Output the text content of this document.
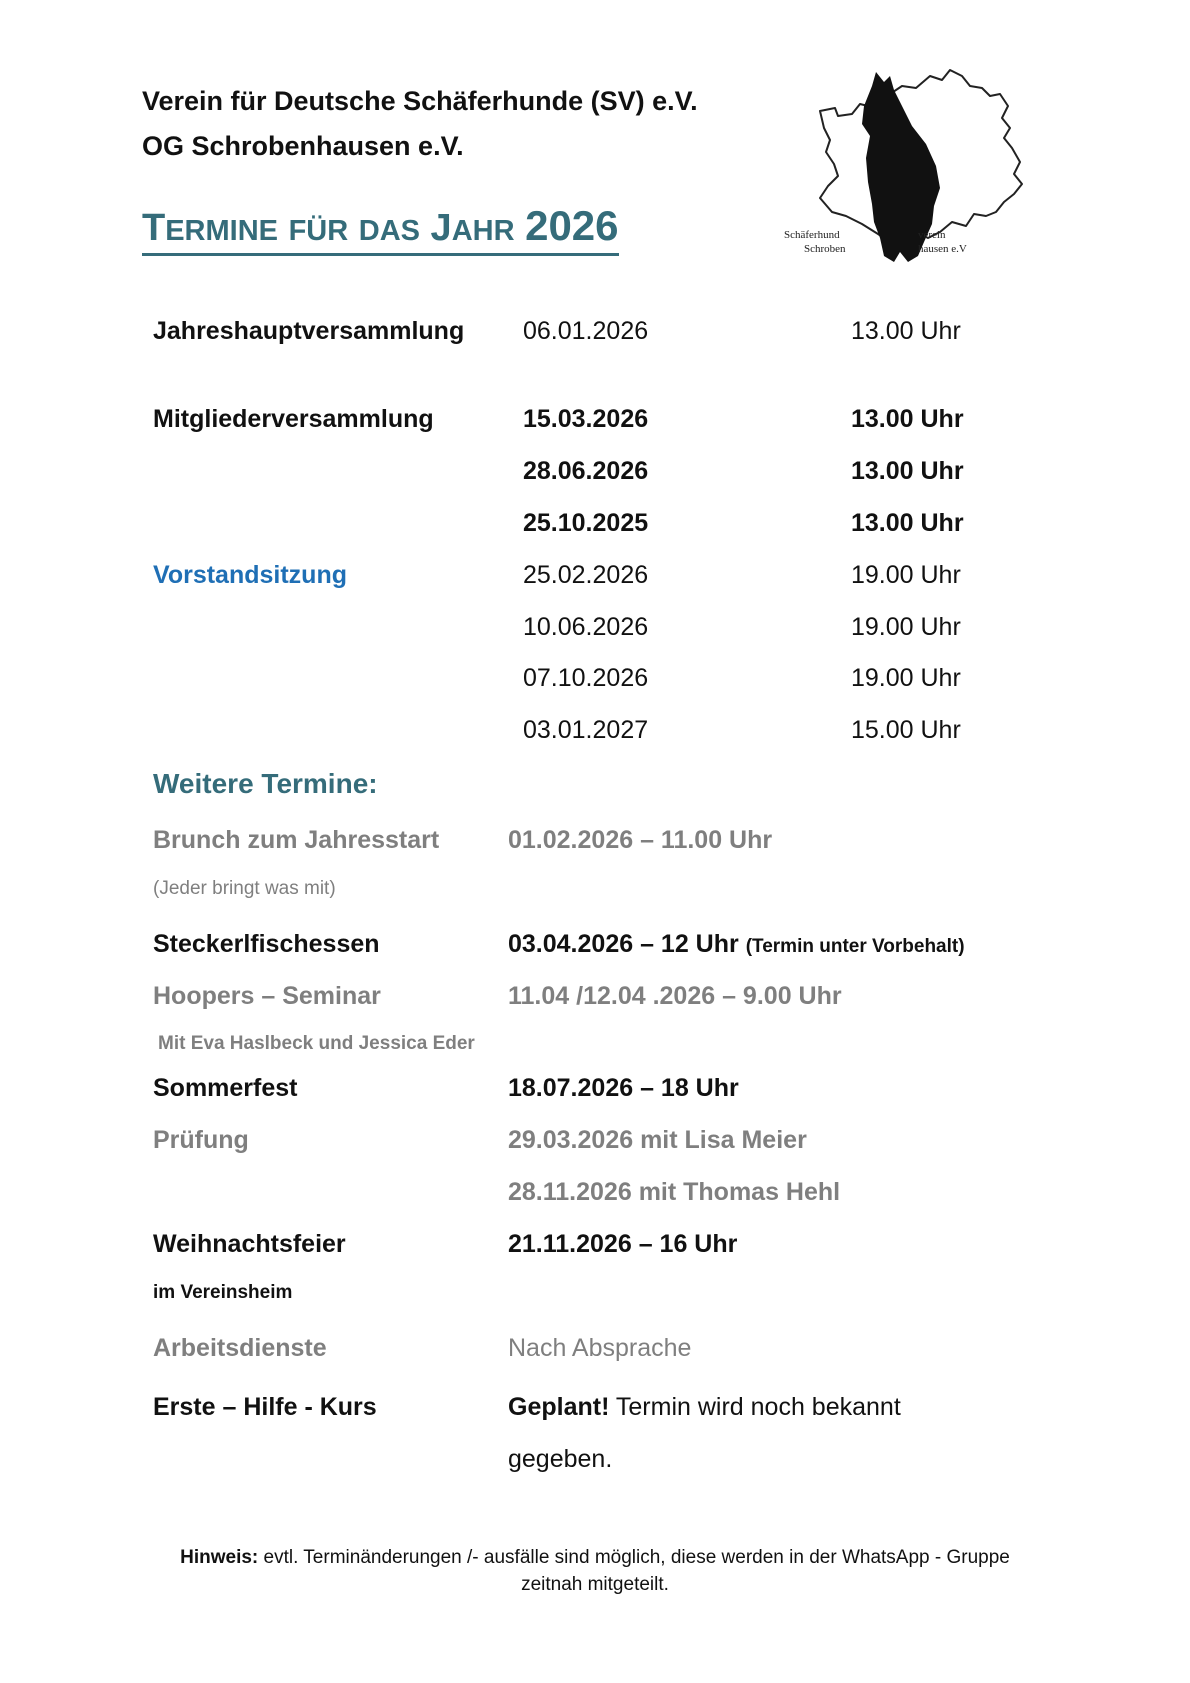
Verein für Deutsche Schäferhunde (SV) e.V.
OG Schrobenhausen e.V.
TERMINE FÜR DAS JAHR 2026	Schäferhund	verein
Schroben	hausen e.V
Jahreshauptversammlung 06.01.2026	13.00 Uhr
Mitgliederversammlung	15.03.2026	13.00 Uhr
28.06.2026	13.00 Uhr
25.10.2025	13.00 Uhr
Vorstandsitzung	25.02.2026	19.00 Uhr
10.06.2026	19.00 Uhr
07.10.2026	19.00 Uhr
03.01.2027	15.00 Uhr
Weitere Termine:
Brunch zum Jahresstart	01.02.2026 – 11.00 Uhr
(Jeder bringt was mit)
Steckerlfischessen	03.04.2026 – 12 Uhr (Termin unter Vorbehalt)
Hoopers – Seminar	11.04 /12.04 .2026 – 9.00 Uhr
Mit Eva Haslbeck und Jessica Eder
Sommerfest	18.07.2026 – 18 Uhr
Prüfung	29.03.2026 mit Lisa Meier
28.11.2026 mit Thomas Hehl
Weihnachtsfeier	21.11.2026 – 16 Uhr
im Vereinsheim
Arbeitsdienste	Nach Absprache
Erste – Hilfe - Kurs	Geplant! Termin wird noch bekannt
gegeben.
Hinweis: evtl. Terminänderungen /- ausfälle sind möglich, diese werden in der WhatsApp - Gruppe
zeitnah mitgeteilt.
